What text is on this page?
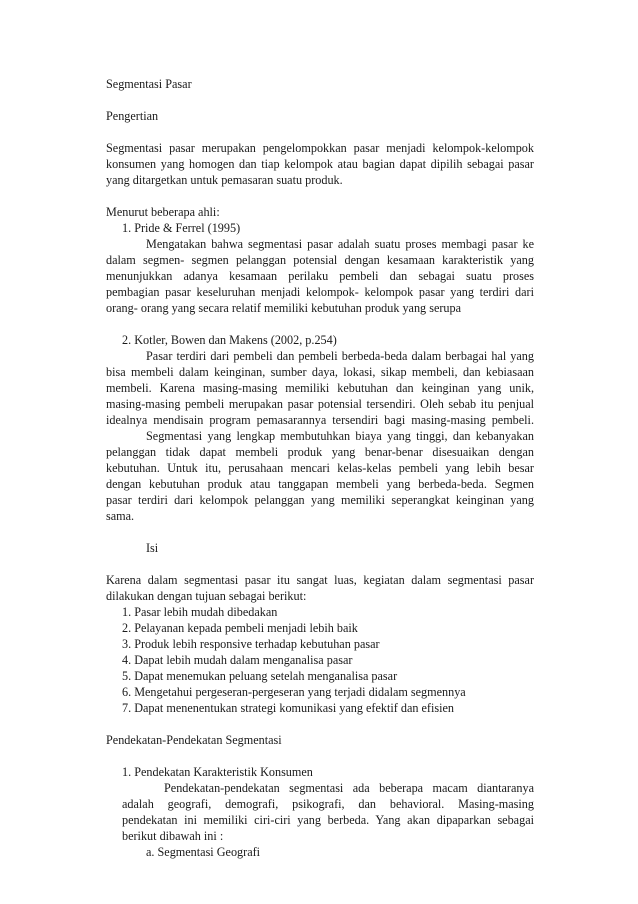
Segmentasi Pasar
Pengertian
Segmentasi pasar merupakan pengelompokkan pasar menjadi kelompok-kelompok
konsumen yang homogen dan tiap kelompok atau bagian dapat dipilih sebagai pasar
yang ditargetkan untuk pemasaran suatu produk.
Menurut beberapa ahli:
1. Pride & Ferrel (1995)
Mengatakan bahwa segmentasi pasar adalah suatu proses membagi pasar ke
dalam segmen- segmen pelanggan potensial dengan kesamaan karakteristik yang
menunjukkan adanya kesamaan perilaku pembeli dan sebagai suatu proses
pembagian pasar keseluruhan menjadi kelompok- kelompok pasar yang terdiri dari
orang- orang yang secara relatif memiliki kebutuhan produk yang serupa
2. Kotler, Bowen dan Makens (2002, p.254)
Pasar terdiri dari pembeli dan pembeli berbeda-beda dalam berbagai hal yang
bisa membeli dalam keinginan, sumber daya, lokasi, sikap membeli, dan kebiasaan
membeli. Karena masing-masing memiliki kebutuhan dan keinginan yang unik,
masing-masing pembeli merupakan pasar potensial tersendiri. Oleh sebab itu penjual
idealnya mendisain program pemasarannya tersendiri bagi masing-masing pembeli.
Segmentasi yang lengkap membutuhkan biaya yang tinggi, dan kebanyakan
pelanggan tidak dapat membeli produk yang benar-benar disesuaikan dengan
kebutuhan. Untuk itu, perusahaan mencari kelas-kelas pembeli yang lebih besar
dengan kebutuhan produk atau tanggapan membeli yang berbeda-beda. Segmen
pasar terdiri dari kelompok pelanggan yang memiliki seperangkat keinginan yang
sama.
Isi
Karena dalam segmentasi pasar itu sangat luas, kegiatan dalam segmentasi pasar
dilakukan dengan tujuan sebagai berikut:
1. Pasar lebih mudah dibedakan
2. Pelayanan kepada pembeli menjadi lebih baik
3. Produk lebih responsive terhadap kebutuhan pasar
4. Dapat lebih mudah dalam menganalisa pasar
5. Dapat menemukan peluang setelah menganalisa pasar
6. Mengetahui pergeseran-pergeseran yang terjadi didalam segmennya
7. Dapat menenentukan strategi komunikasi yang efektif dan efisien
Pendekatan-Pendekatan Segmentasi
1. Pendekatan Karakteristik Konsumen
Pendekatan-pendekatan segmentasi ada beberapa macam diantaranya
adalah geografi, demografi, psikografi, dan behavioral. Masing-masing
pendekatan ini memiliki ciri-ciri yang berbeda. Yang akan dipaparkan sebagai
berikut dibawah ini :
a. Segmentasi Geografi
